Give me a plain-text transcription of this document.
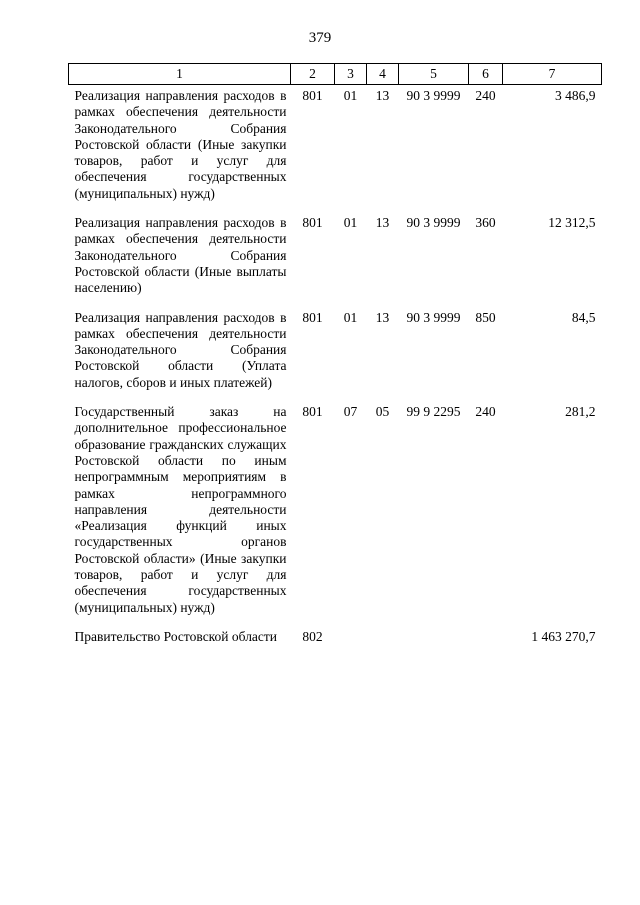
379
1	2	3	4	5	6	7
Реализация направления расходов в рамках обеспечения деятельности Законодательного Собрания Ростовской области (Иные закупки товаров, работ и услуг для обеспечения государственных (муниципальных) нужд)	801	01	13	90 3 9999	240	3 486,9
Реализация направления расходов в рамках обеспечения деятельности Законодательного Собрания Ростовской области (Иные выплаты населению)	801	01	13	90 3 9999	360	12 312,5
Реализация направления расходов в рамках обеспечения деятельности Законодательного Собрания Ростовской области (Уплата налогов, сборов и иных платежей)	801	01	13	90 3 9999	850	84,5
Государственный заказ на дополнительное профессиональное образование гражданских служащих Ростовской области по иным непрограммным мероприятиям в рамках непрограммного направления деятельности «Реализация функций иных государственных органов Ростовской области» (Иные закупки товаров, работ и услуг для обеспечения государственных (муниципальных) нужд)	801	07	05	99 9 2295	240	281,2
Правительство Ростовской области	802					1 463 270,7
